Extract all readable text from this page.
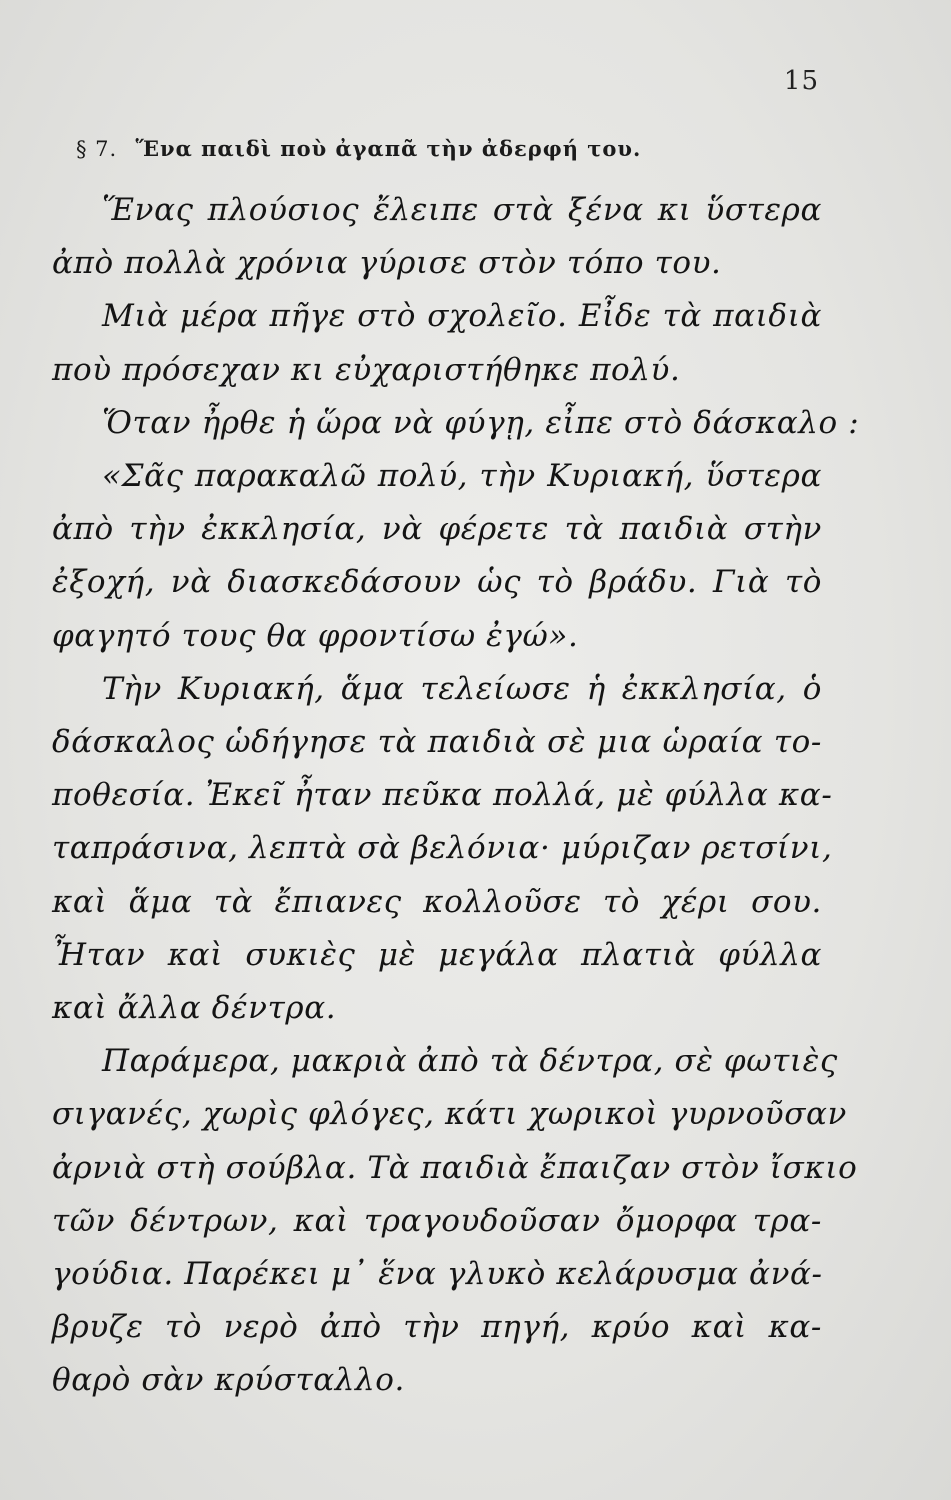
15
§ 7. Ἕνα παιδὶ ποὺ ἀγαπᾶ τὴν ἀδερφή του.
Ἕνας πλούσιος ἔλειπε στὰ ξένα κι ὕστερα
ἀπὸ πολλὰ χρόνια γύρισε στὸν τόπο του.
Μιὰ μέρα πῆγε στὸ σχολεῖο. Εἶδε τὰ παιδιὰ
ποὺ πρόσεχαν κι εὐχαριστήθηκε πολύ.
Ὅταν ἦρθε ἡ ὥρα νὰ φύγῃ, εἶπε στὸ δάσκαλο :
«Σᾶς παρακαλῶ πολύ, τὴν Κυριακή, ὕστερα
ἀπὸ τὴν ἐκκλησία, νὰ φέρετε τὰ παιδιὰ στὴν
ἐξοχή, νὰ διασκεδάσουν ὡς τὸ βράδυ. Γιὰ τὸ
φαγητό τους θα φροντίσω ἐγώ».
Τὴν Κυριακή, ἅμα τελείωσε ἡ ἐκκλησία, ὁ
δάσκαλος ὡδήγησε τὰ παιδιὰ σὲ μια ὡραία το-
ποθεσία. Ἐκεῖ ἦταν πεῦκα πολλά, μὲ φύλλα κα-
ταπράσινα, λεπτὰ σὰ βελόνια· μύριζαν ρετσίνι,
καὶ ἅμα τὰ ἔπιανες κολλοῦσε τὸ χέρι σου.
Ἦταν καὶ συκιὲς μὲ μεγάλα πλατιὰ φύλλα
καὶ ἄλλα δέντρα.
Παράμερα, μακριὰ ἀπὸ τὰ δέντρα, σὲ φωτιὲς
σιγανές, χωρὶς φλόγες, κάτι χωρικοὶ γυρνοῦσαν
ἀρνιὰ στὴ σούβλα. Τὰ παιδιὰ ἔπαιζαν στὸν ἴσκιο
τῶν δέντρων, καὶ τραγουδοῦσαν ὄμορφα τρα-
γούδια. Παρέκει μ᾽ ἕνα γλυκὸ κελάρυσμα ἀνά-
βρυζε τὸ νερὸ ἀπὸ τὴν πηγή, κρύο καὶ κα-
θαρὸ σὰν κρύσταλλο.
